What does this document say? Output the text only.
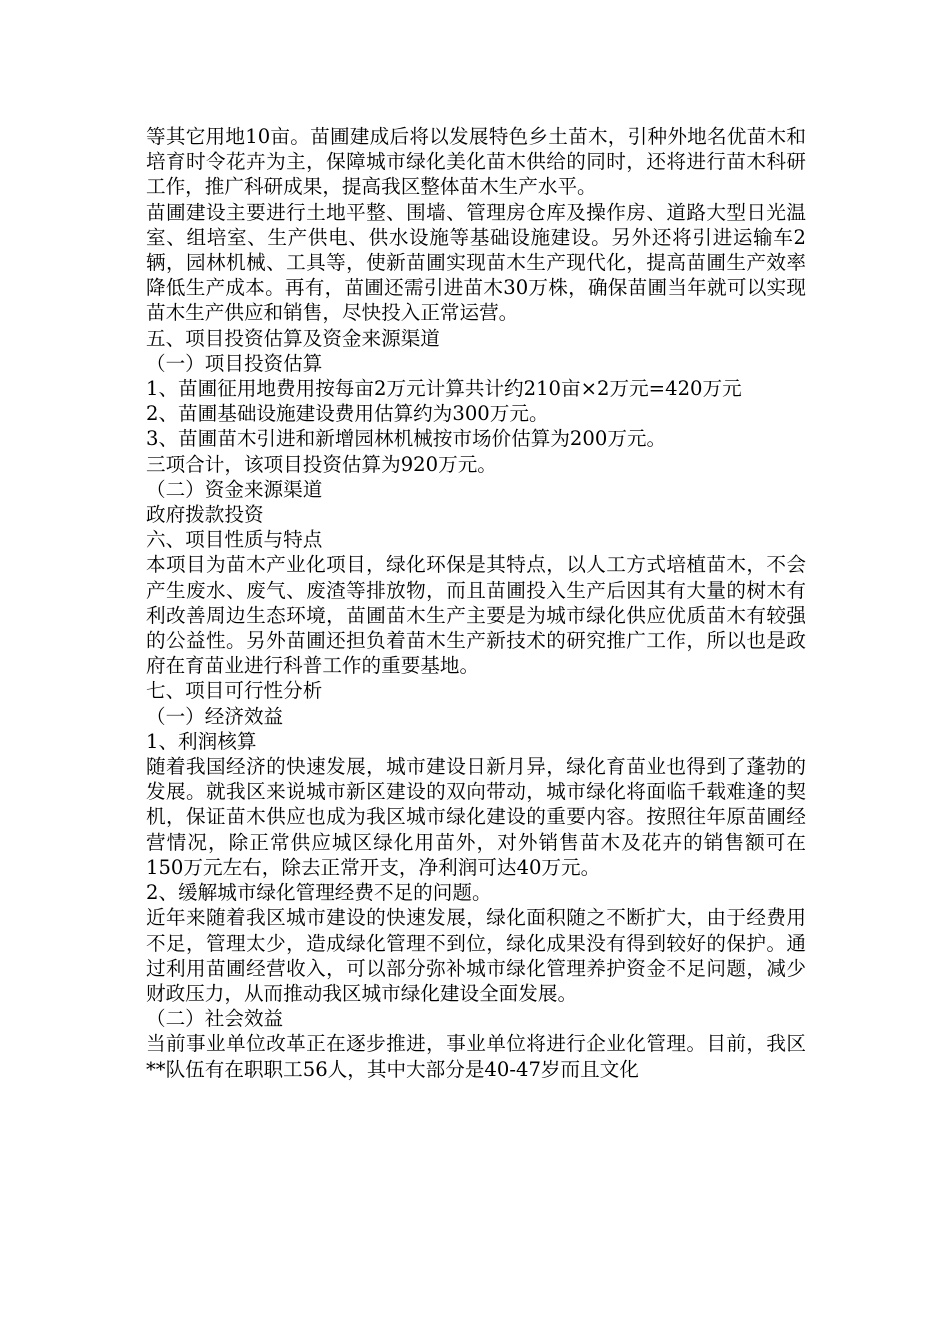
等其它用地10亩。苗圃建成后将以发展特色乡土苗木，引种外地名优苗木和培育时令花卉为主，保障城市绿化美化苗木供给的同时，还将进行苗木科研工作，推广科研成果，提高我区整体苗木生产水平。

苗圃建设主要进行土地平整、围墙、管理房仓库及操作房、道路大型日光温室、组培室、生产供电、供水设施等基础设施建设。另外还将引进运输车2辆，园林机械、工具等，使新苗圃实现苗木生产现代化，提高苗圃生产效率降低生产成本。再有，苗圃还需引进苗木30万株，确保苗圃当年就可以实现苗木生产供应和销售，尽快投入正常运营。

五、项目投资估算及资金来源渠道

（一）项目投资估算

1、苗圃征用地费用按每亩2万元计算共计约210亩×2万元=420万元

2、苗圃基础设施建设费用估算约为300万元。

3、苗圃苗木引进和新增园林机械按市场价估算为200万元。

三项合计，该项目投资估算为920万元。

（二）资金来源渠道

政府拨款投资

六、项目性质与特点

本项目为苗木产业化项目，绿化环保是其特点，以人工方式培植苗木，不会产生废水、废气、废渣等排放物，而且苗圃投入生产后因其有大量的树木有利改善周边生态环境，苗圃苗木生产主要是为城市绿化供应优质苗木有较强的公益性。另外苗圃还担负着苗木生产新技术的研究推广工作，所以也是政府在育苗业进行科普工作的重要基地。

七、项目可行性分析

（一）经济效益

1、利润核算

随着我国经济的快速发展，城市建设日新月异，绿化育苗业也得到了蓬勃的发展。就我区来说城市新区建设的双向带动，城市绿化将面临千载难逢的契机，保证苗木供应也成为我区城市绿化建设的重要内容。按照往年原苗圃经营情况，除正常供应城区绿化用苗外，对外销售苗木及花卉的销售额可在150万元左右，除去正常开支，净利润可达40万元。

2、缓解城市绿化管理经费不足的问题。

近年来随着我区城市建设的快速发展，绿化面积随之不断扩大，由于经费用不足，管理太少，造成绿化管理不到位，绿化成果没有得到较好的保护。通过利用苗圃经营收入，可以部分弥补城市绿化管理养护资金不足问题，减少财政压力，从而推动我区城市绿化建设全面发展。

（二）社会效益

当前事业单位改革正在逐步推进，事业单位将进行企业化管理。目前，我区**队伍有在职职工56人，其中大部分是40-47岁而且文化
